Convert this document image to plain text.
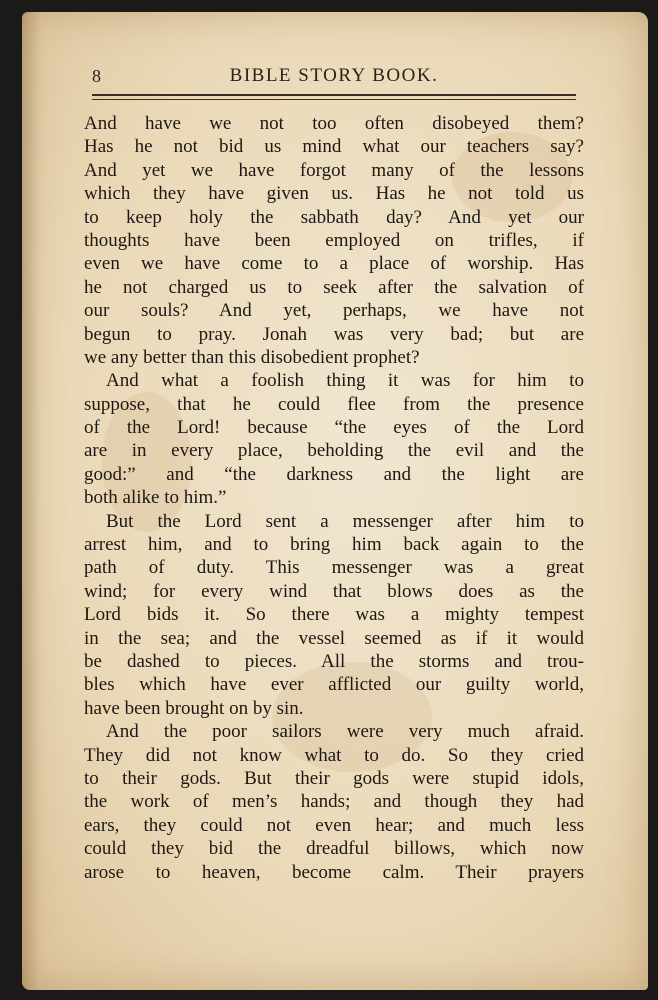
8	BIBLE STORY BOOK.
And have we not too often disobeyed them?
Has he not bid us mind what our teachers say?
And yet we have forgot many of the lessons
which they have given us. Has he not told us
to keep holy the sabbath day? And yet our
thoughts have been employed on trifles, if
even we have come to a place of worship. Has
he not charged us to seek after the salvation of
our souls? And yet, perhaps, we have not
begun to pray. Jonah was very bad; but are
we any better than this disobedient prophet?
And what a foolish thing it was for him to
suppose, that he could flee from the presence
of the Lord! because “the eyes of the Lord
are in every place, beholding the evil and the
good:” and “the darkness and the light are
both alike to him.”
But the Lord sent a messenger after him to
arrest him, and to bring him back again to the
path of duty. This messenger was a great
wind; for every wind that blows does as the
Lord bids it. So there was a mighty tempest
in the sea; and the vessel seemed as if it would
be dashed to pieces. All the storms and trou-
bles which have ever afflicted our guilty world,
have been brought on by sin.
And the poor sailors were very much afraid.
They did not know what to do. So they cried
to their gods. But their gods were stupid idols,
the work of men’s hands; and though they had
ears, they could not even hear; and much less
could they bid the dreadful billows, which now
arose to heaven, become calm. Their prayers
